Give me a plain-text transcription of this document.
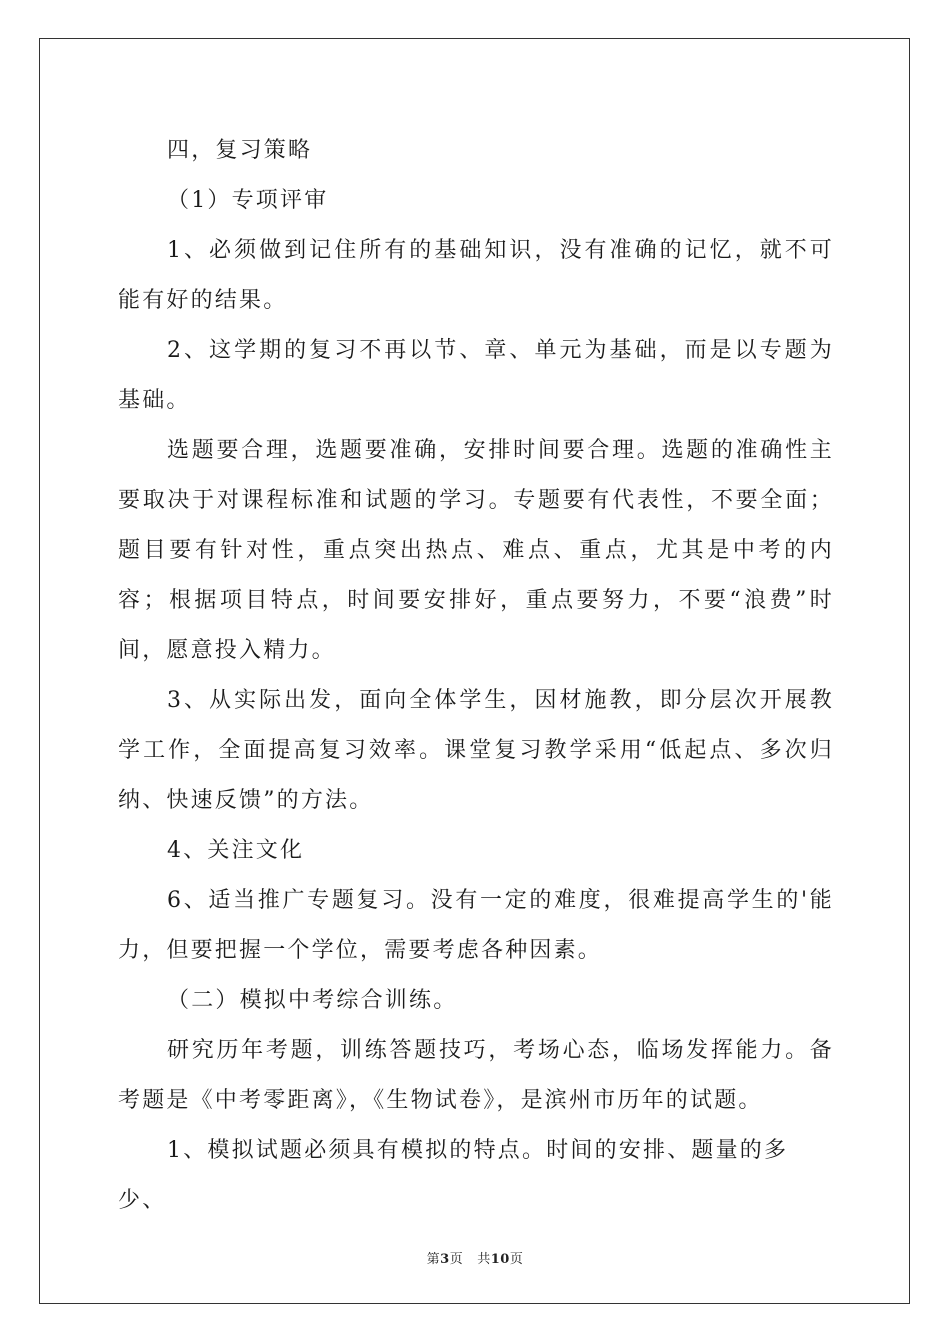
四，复习策略

（1）专项评审

1、必须做到记住所有的基础知识，没有准确的记忆，就不可能有好的结果。

2、这学期的复习不再以节、章、单元为基础，而是以专题为基础。

选题要合理，选题要准确，安排时间要合理。选题的准确性主要取决于对课程标准和试题的学习。专题要有代表性，不要全面；题目要有针对性，重点突出热点、难点、重点，尤其是中考的内容；根据项目特点，时间要安排好，重点要努力，不要“浪费”时间，愿意投入精力。

3、从实际出发，面向全体学生，因材施教，即分层次开展教学工作，全面提高复习效率。课堂复习教学采用“低起点、多次归纳、快速反馈”的方法。

4、关注文化

6、适当推广专题复习。没有一定的难度，很难提高学生的'能力，但要把握一个学位，需要考虑各种因素。

（二）模拟中考综合训练。

研究历年考题，训练答题技巧，考场心态，临场发挥能力。备考题是《中考零距离》，《生物试卷》，是滨州市历年的试题。

1、模拟试题必须具有模拟的特点。时间的安排、题量的多少、

第3页 共10页
